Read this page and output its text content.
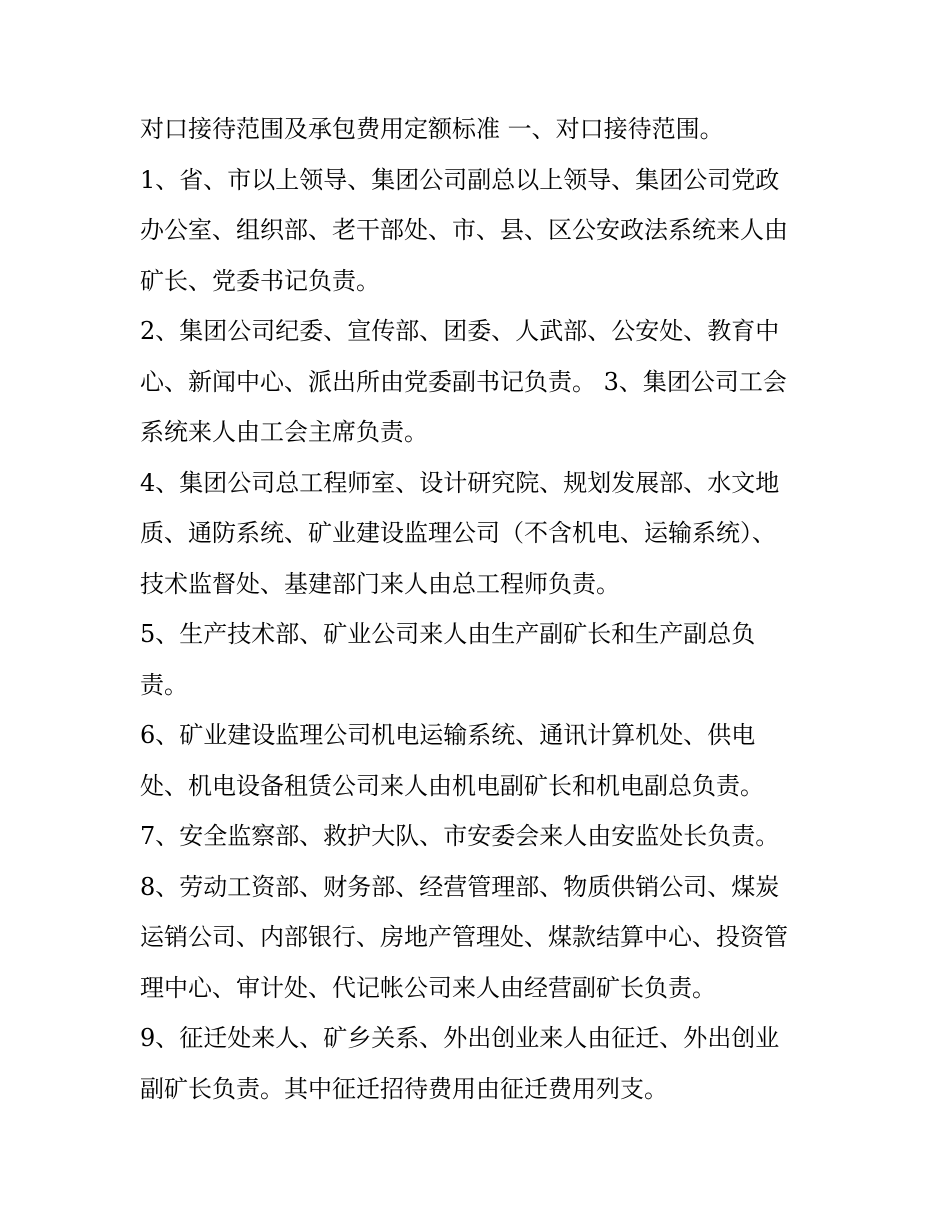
对口接待范围及承包费用定额标准 一、对口接待范围。
1、省、市以上领导、集团公司副总以上领导、集团公司党政
办公室、组织部、老干部处、市、县、区公安政法系统来人由
矿长、党委书记负责。
2、集团公司纪委、宣传部、团委、人武部、公安处、教育中
心、新闻中心、派出所由党委副书记负责。 3、集团公司工会
系统来人由工会主席负责。
4、集团公司总工程师室、设计研究院、规划发展部、水文地
质、通防系统、矿业建设监理公司（不含机电、运输系统）、
技术监督处、基建部门来人由总工程师负责。
5、生产技术部、矿业公司来人由生产副矿长和生产副总负
责。
6、矿业建设监理公司机电运输系统、通讯计算机处、供电
处、机电设备租赁公司来人由机电副矿长和机电副总负责。
7、安全监察部、救护大队、市安委会来人由安监处长负责。
8、劳动工资部、财务部、经营管理部、物质供销公司、煤炭
运销公司、内部银行、房地产管理处、煤款结算中心、投资管
理中心、审计处、代记帐公司来人由经营副矿长负责。
9、征迁处来人、矿乡关系、外出创业来人由征迁、外出创业
副矿长负责。其中征迁招待费用由征迁费用列支。
